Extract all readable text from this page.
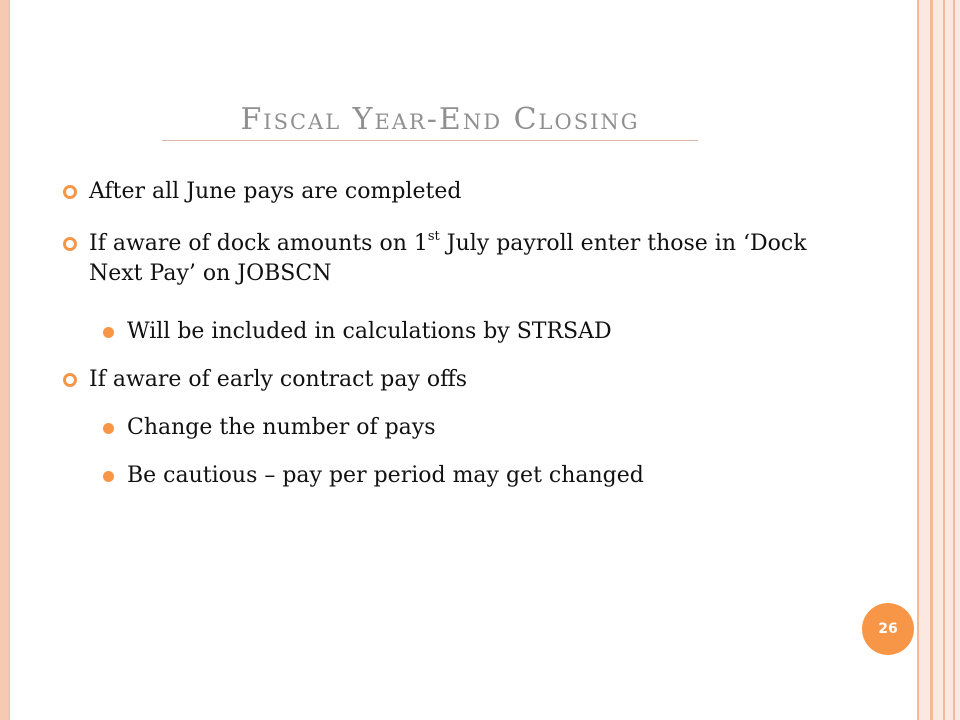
Fiscal Year-End Closing
After all June pays are completed
If aware of dock amounts on 1st July payroll enter those in ‘Dock Next Pay’ on JOBSCN
Will be included in calculations by STRSAD
If aware of early contract pay offs
Change the number of pays
Be cautious – pay per period may get changed
26
